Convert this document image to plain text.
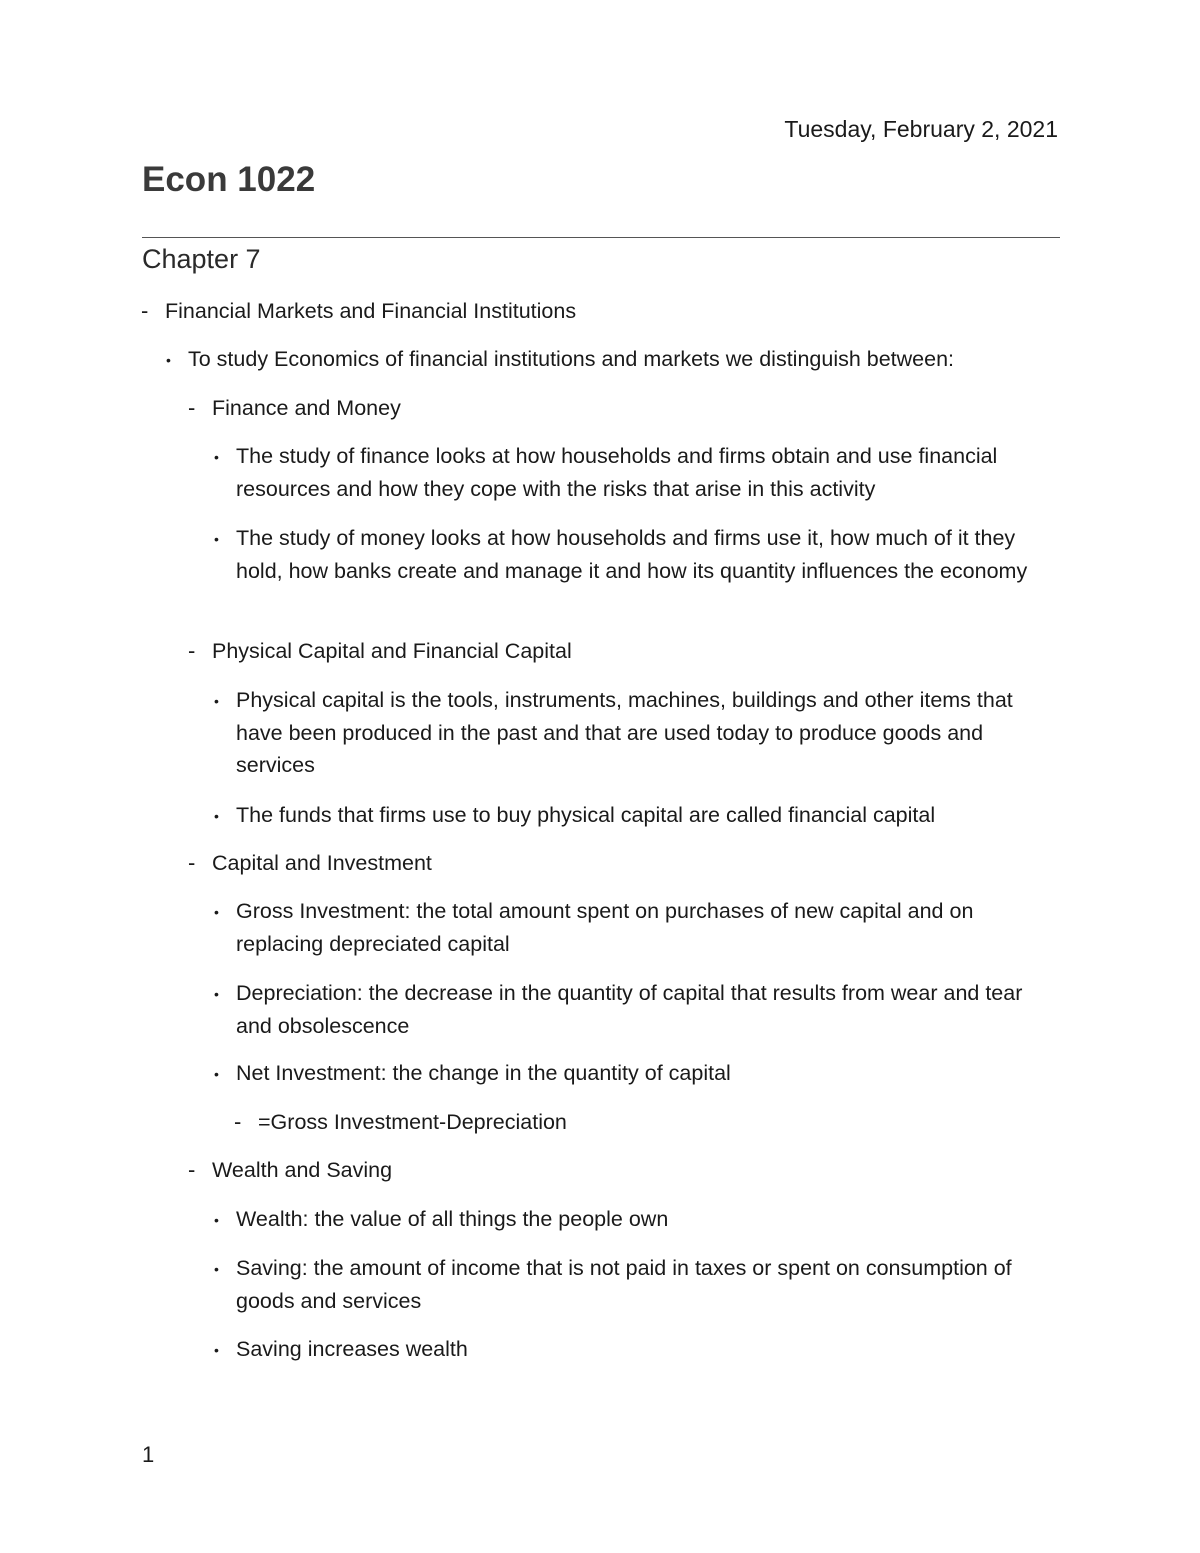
Tuesday, February 2, 2021
Econ 1022
Chapter 7
- Financial Markets and Financial Institutions
• To study Economics of financial institutions and markets we distinguish between:
- Finance and Money
• The study of finance looks at how households and firms obtain and use financial resources and how they cope with the risks that arise in this activity
• The study of money looks at how households and firms use it, how much of it they hold, how banks create and manage it and how its quantity influences the economy
- Physical Capital and Financial Capital
• Physical capital is the tools, instruments, machines, buildings and other items that have been produced in the past and that are used today to produce goods and services
• The funds that firms use to buy physical capital are called financial capital
- Capital and Investment
• Gross Investment: the total amount spent on purchases of new capital and on replacing depreciated capital
• Depreciation: the decrease in the quantity of capital that results from wear and tear and obsolescence
• Net Investment: the change in the quantity of capital
- =Gross Investment-Depreciation
- Wealth and Saving
• Wealth: the value of all things the people own
• Saving: the amount of income that is not paid in taxes or spent on consumption of goods and services
• Saving increases wealth
1
